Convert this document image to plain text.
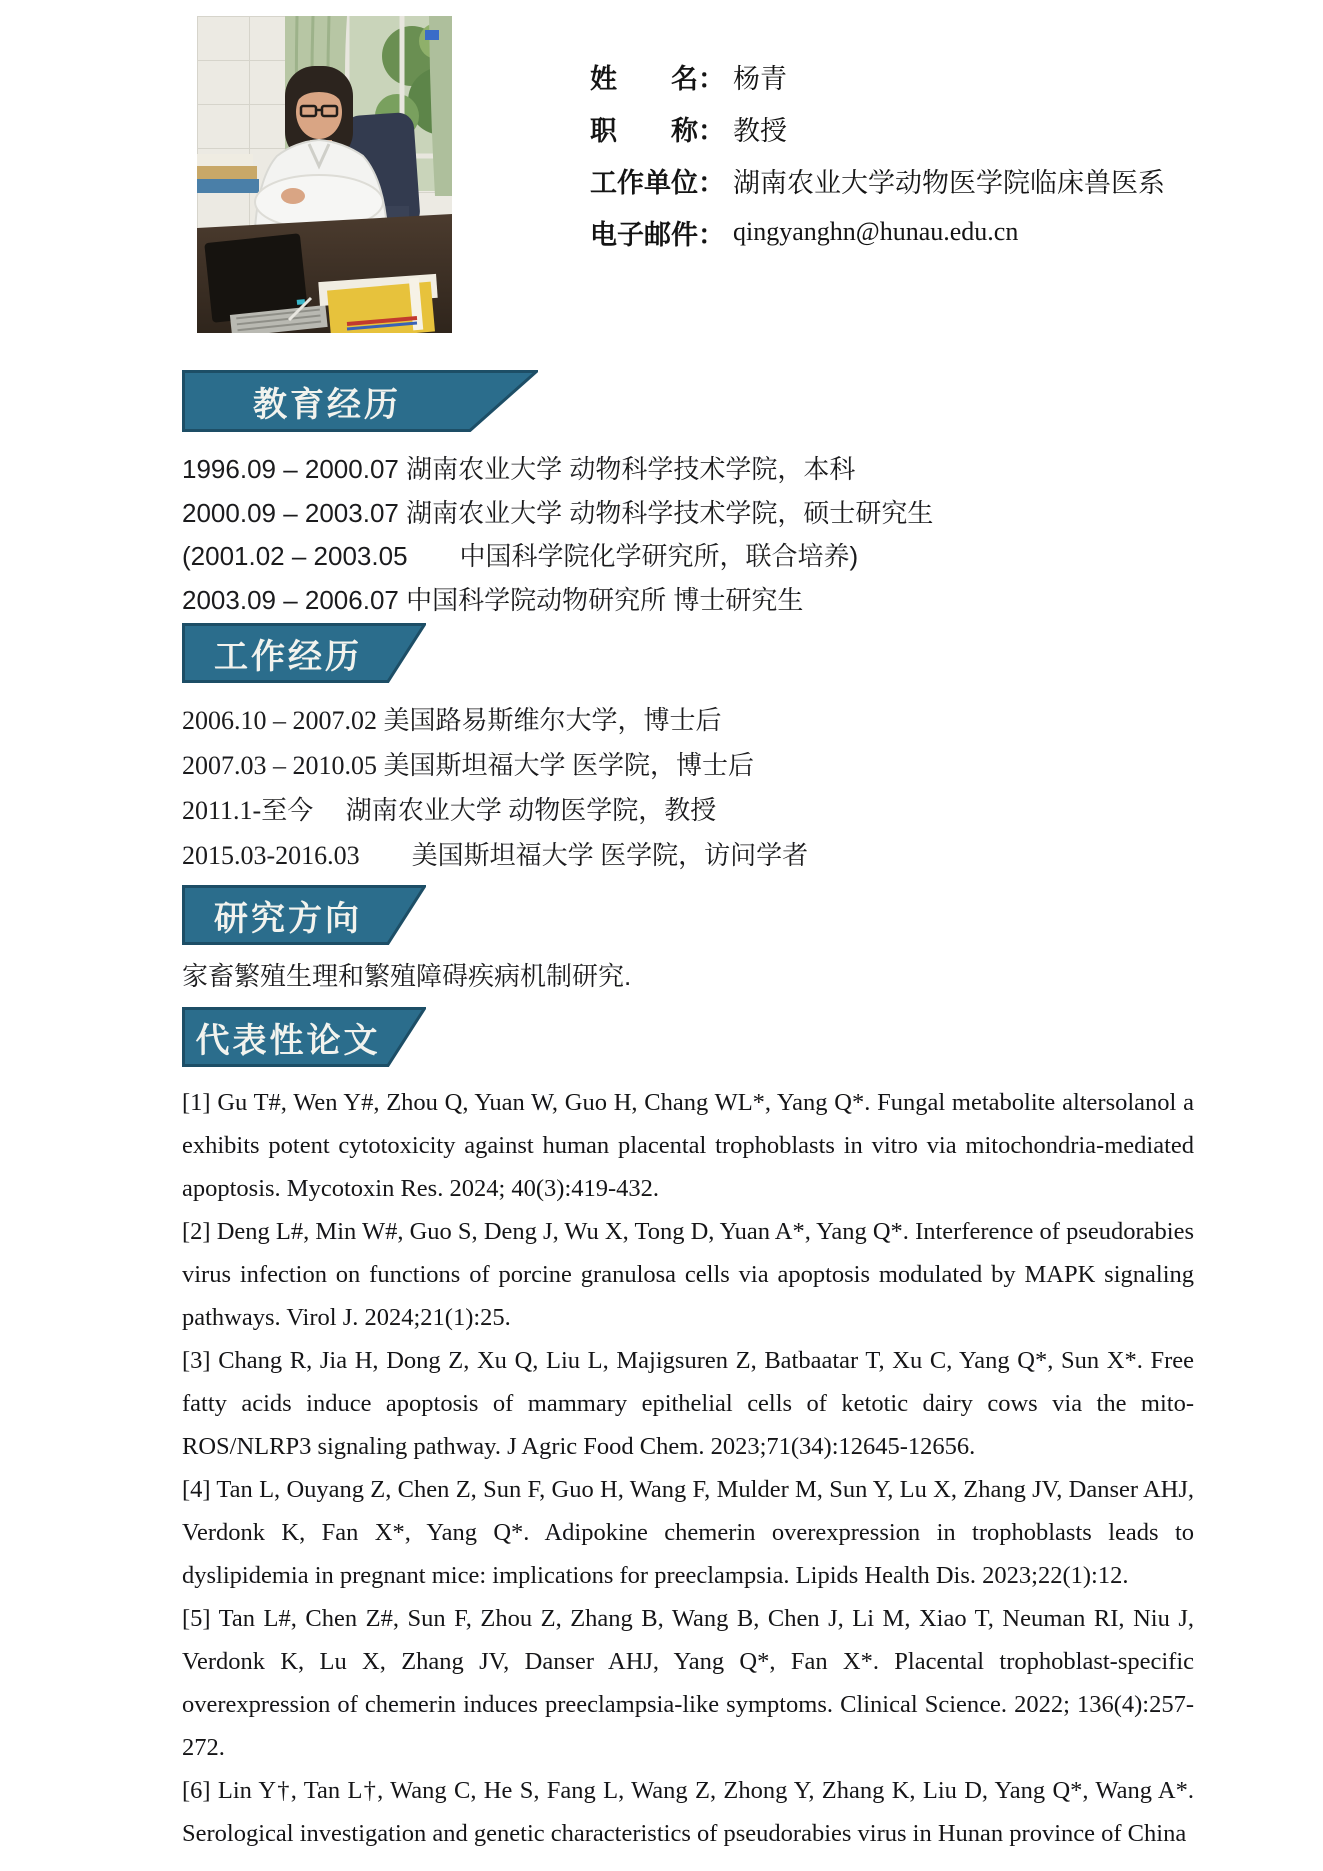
姓　　名： 杨青
职　　称： 教授
工作单位： 湖南农业大学动物医学院临床兽医系
电子邮件： qingyanghn@hunau.edu.cn
教育经历
1996.09 – 2000.07 湖南农业大学 动物科学技术学院，本科
2000.09 – 2003.07 湖南农业大学 动物科学技术学院，硕士研究生
(2001.02 – 2003.05　　中国科学院化学研究所，联合培养)
2003.09 – 2006.07 中国科学院动物研究所 博士研究生
工作经历
2006.10 – 2007.02 美国路易斯维尔大学，博士后
2007.03 – 2010.05 美国斯坦福大学 医学院，博士后
2011.1-至今　 湖南农业大学 动物医学院，教授
2015.03-2016.03　　美国斯坦福大学 医学院，访问学者
研究方向
家畜繁殖生理和繁殖障碍疾病机制研究.
代表性论文

[1] Gu T#, Wen Y#, Zhou Q, Yuan W, Guo H, Chang WL*, Yang Q*. Fungal metabolite altersolanol a exhibits potent cytotoxicity against human placental trophoblasts in vitro via mitochondria-mediated apoptosis. Mycotoxin Res. 2024; 40(3):419-432.

[2] Deng L#, Min W#, Guo S, Deng J, Wu X, Tong D, Yuan A*, Yang Q*. Interference of pseudorabies virus infection on functions of porcine granulosa cells via apoptosis modulated by MAPK signaling pathways. Virol J. 2024;21(1):25.

[3] Chang R, Jia H, Dong Z, Xu Q, Liu L, Majigsuren Z, Batbaatar T, Xu C, Yang Q*, Sun X*. Free fatty acids induce apoptosis of mammary epithelial cells of ketotic dairy cows via the mito-ROS/NLRP3 signaling pathway. J Agric Food Chem. 2023;71(34):12645-12656.

[4] Tan L, Ouyang Z, Chen Z, Sun F, Guo H, Wang F, Mulder M, Sun Y, Lu X, Zhang JV, Danser AHJ, Verdonk K, Fan X*, Yang Q*. Adipokine chemerin overexpression in trophoblasts leads to dyslipidemia in pregnant mice: implications for preeclampsia. Lipids Health Dis. 2023;22(1):12.

[5] Tan L#, Chen Z#, Sun F, Zhou Z, Zhang B, Wang B, Chen J, Li M, Xiao T, Neuman RI, Niu J, Verdonk K, Lu X, Zhang JV, Danser AHJ, Yang Q*, Fan X*. Placental trophoblast-specific overexpression of chemerin induces preeclampsia-like symptoms. Clinical Science. 2022; 136(4):257-272.

[6] Lin Y†, Tan L†, Wang C, He S, Fang L, Wang Z, Zhong Y, Zhang K, Liu D, Yang Q*, Wang A*. Serological investigation and genetic characteristics of pseudorabies virus in Hunan province of China
